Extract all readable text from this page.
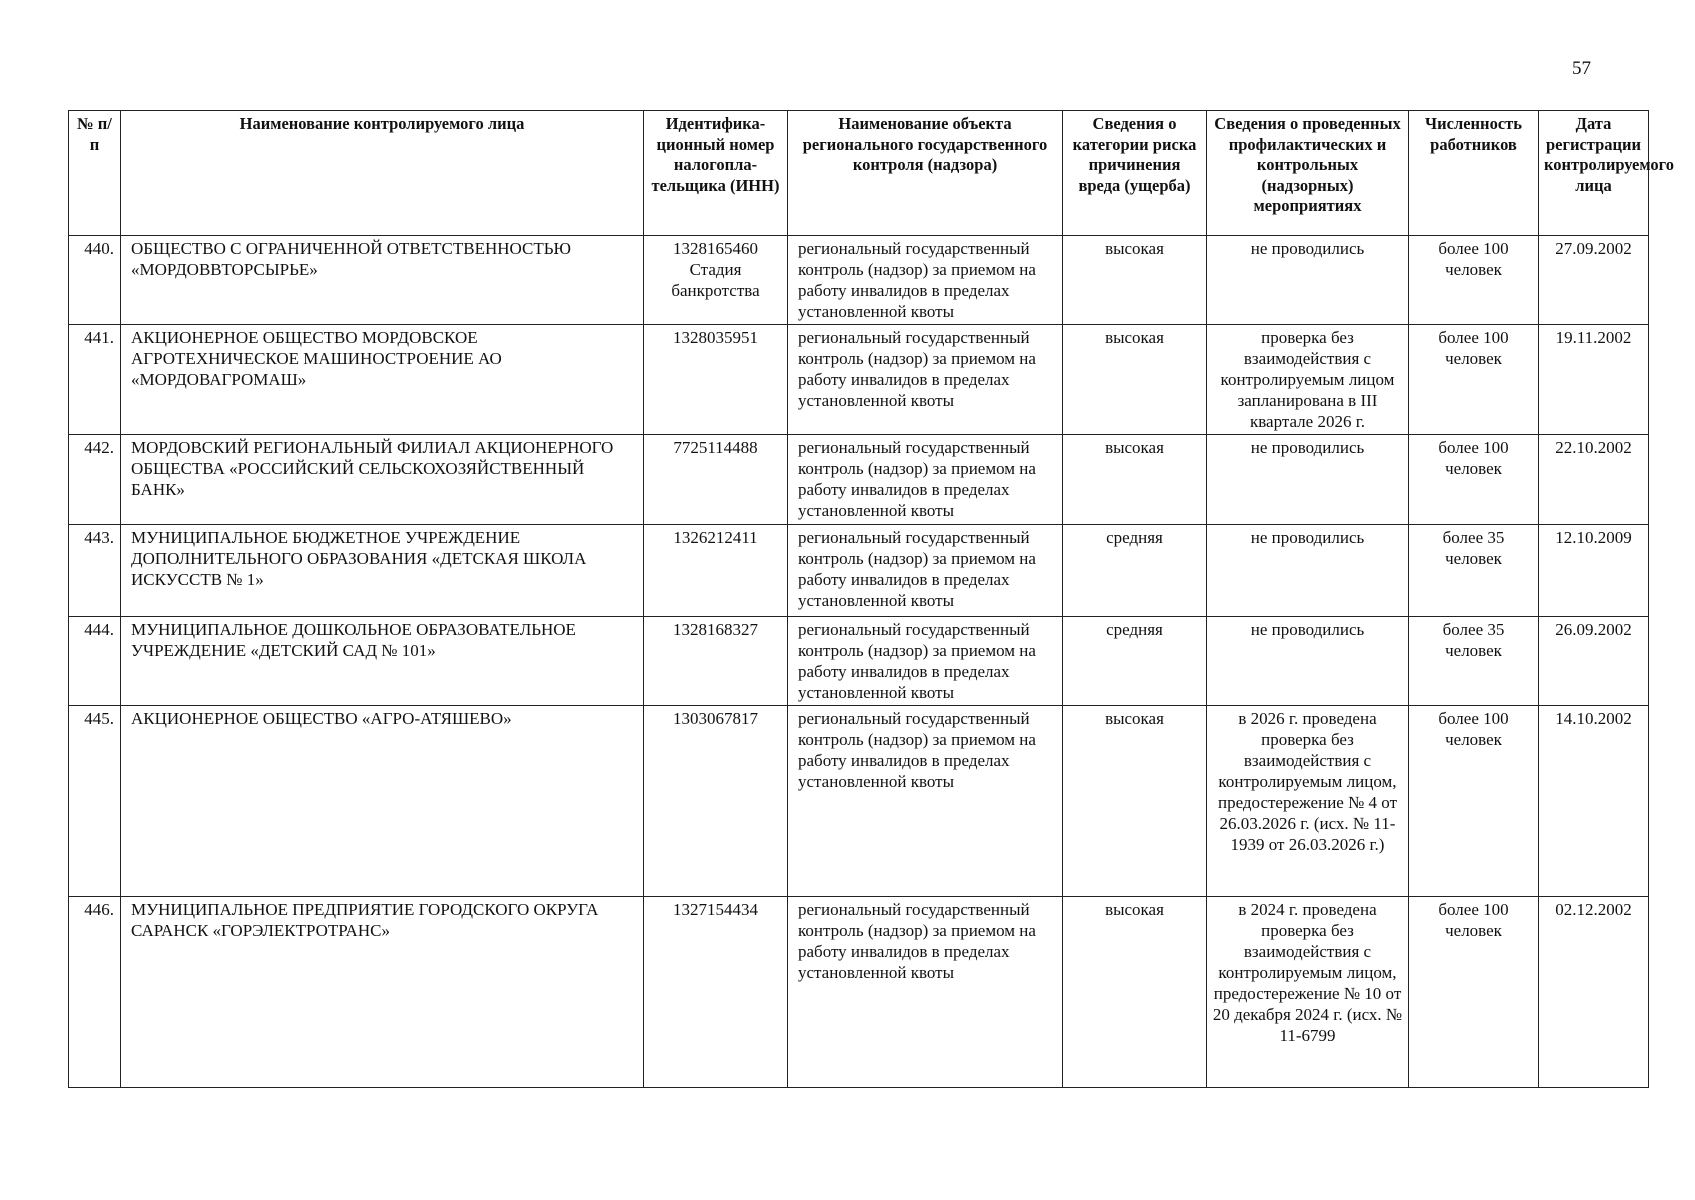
57
№ п/п	Наименование контролируемого лица	Идентифика-ционный номер налогопла-тельщика (ИНН)	Наименование объекта регионального государственного контроля (надзора)	Сведения о категории риска причинения вреда (ущерба)	Сведения о проведенных профилактических и контрольных (надзорных) мероприятиях	Численность работников	Дата регистрации контролируемого лица
440.	ОБЩЕСТВО С ОГРАНИЧЕННОЙ ОТВЕТСТВЕННОСТЬЮ «МОРДОВВТОРСЫРЬЕ»	1328165460 Стадия банкротства	региональный государственный контроль (надзор) за приемом на работу инвалидов в пределах установленной квоты	высокая	не проводились	более 100 человек	27.09.2002
441.	АКЦИОНЕРНОЕ ОБЩЕСТВО МОРДОВСКОЕ АГРОТЕХНИЧЕСКОЕ МАШИНОСТРОЕНИЕ АО «МОРДОВАГРОМАШ»	1328035951	региональный государственный контроль (надзор) за приемом на работу инвалидов в пределах установленной квоты	высокая	проверка без взаимодействия с контролируемым лицом запланирована в III квартале 2026 г.	более 100 человек	19.11.2002
442.	МОРДОВСКИЙ РЕГИОНАЛЬНЫЙ ФИЛИАЛ АКЦИОНЕРНОГО ОБЩЕСТВА «РОССИЙСКИЙ СЕЛЬСКОХОЗЯЙСТВЕННЫЙ БАНК»	7725114488	региональный государственный контроль (надзор) за приемом на работу инвалидов в пределах установленной квоты	высокая	не проводились	более 100 человек	22.10.2002
443.	МУНИЦИПАЛЬНОЕ БЮДЖЕТНОЕ УЧРЕЖДЕНИЕ ДОПОЛНИТЕЛЬНОГО ОБРАЗОВАНИЯ «ДЕТСКАЯ ШКОЛА ИСКУССТВ № 1»	1326212411	региональный государственный контроль (надзор) за приемом на работу инвалидов в пределах установленной квоты	средняя	не проводились	более 35 человек	12.10.2009
444.	МУНИЦИПАЛЬНОЕ ДОШКОЛЬНОЕ ОБРАЗОВАТЕЛЬНОЕ УЧРЕЖДЕНИЕ «ДЕТСКИЙ САД № 101»	1328168327	региональный государственный контроль (надзор) за приемом на работу инвалидов в пределах установленной квоты	средняя	не проводились	более 35 человек	26.09.2002
445.	АКЦИОНЕРНОЕ ОБЩЕСТВО «АГРО-АТЯШЕВО»	1303067817	региональный государственный контроль (надзор) за приемом на работу инвалидов в пределах установленной квоты	высокая	в 2026 г. проведена проверка без взаимодействия с контролируемым лицом, предостережение № 4 от 26.03.2026 г. (исх. № 11-1939 от 26.03.2026 г.)	более 100 человек	14.10.2002
446.	МУНИЦИПАЛЬНОЕ ПРЕДПРИЯТИЕ ГОРОДСКОГО ОКРУГА САРАНСК «ГОРЭЛЕКТРОТРАНС»	1327154434	региональный государственный контроль (надзор) за приемом на работу инвалидов в пределах установленной квоты	высокая	в 2024 г. проведена проверка без взаимодействия с контролируемым лицом, предостережение № 10 от 20 декабря 2024 г. (исх. № 11-6799	более 100 человек	02.12.2002
